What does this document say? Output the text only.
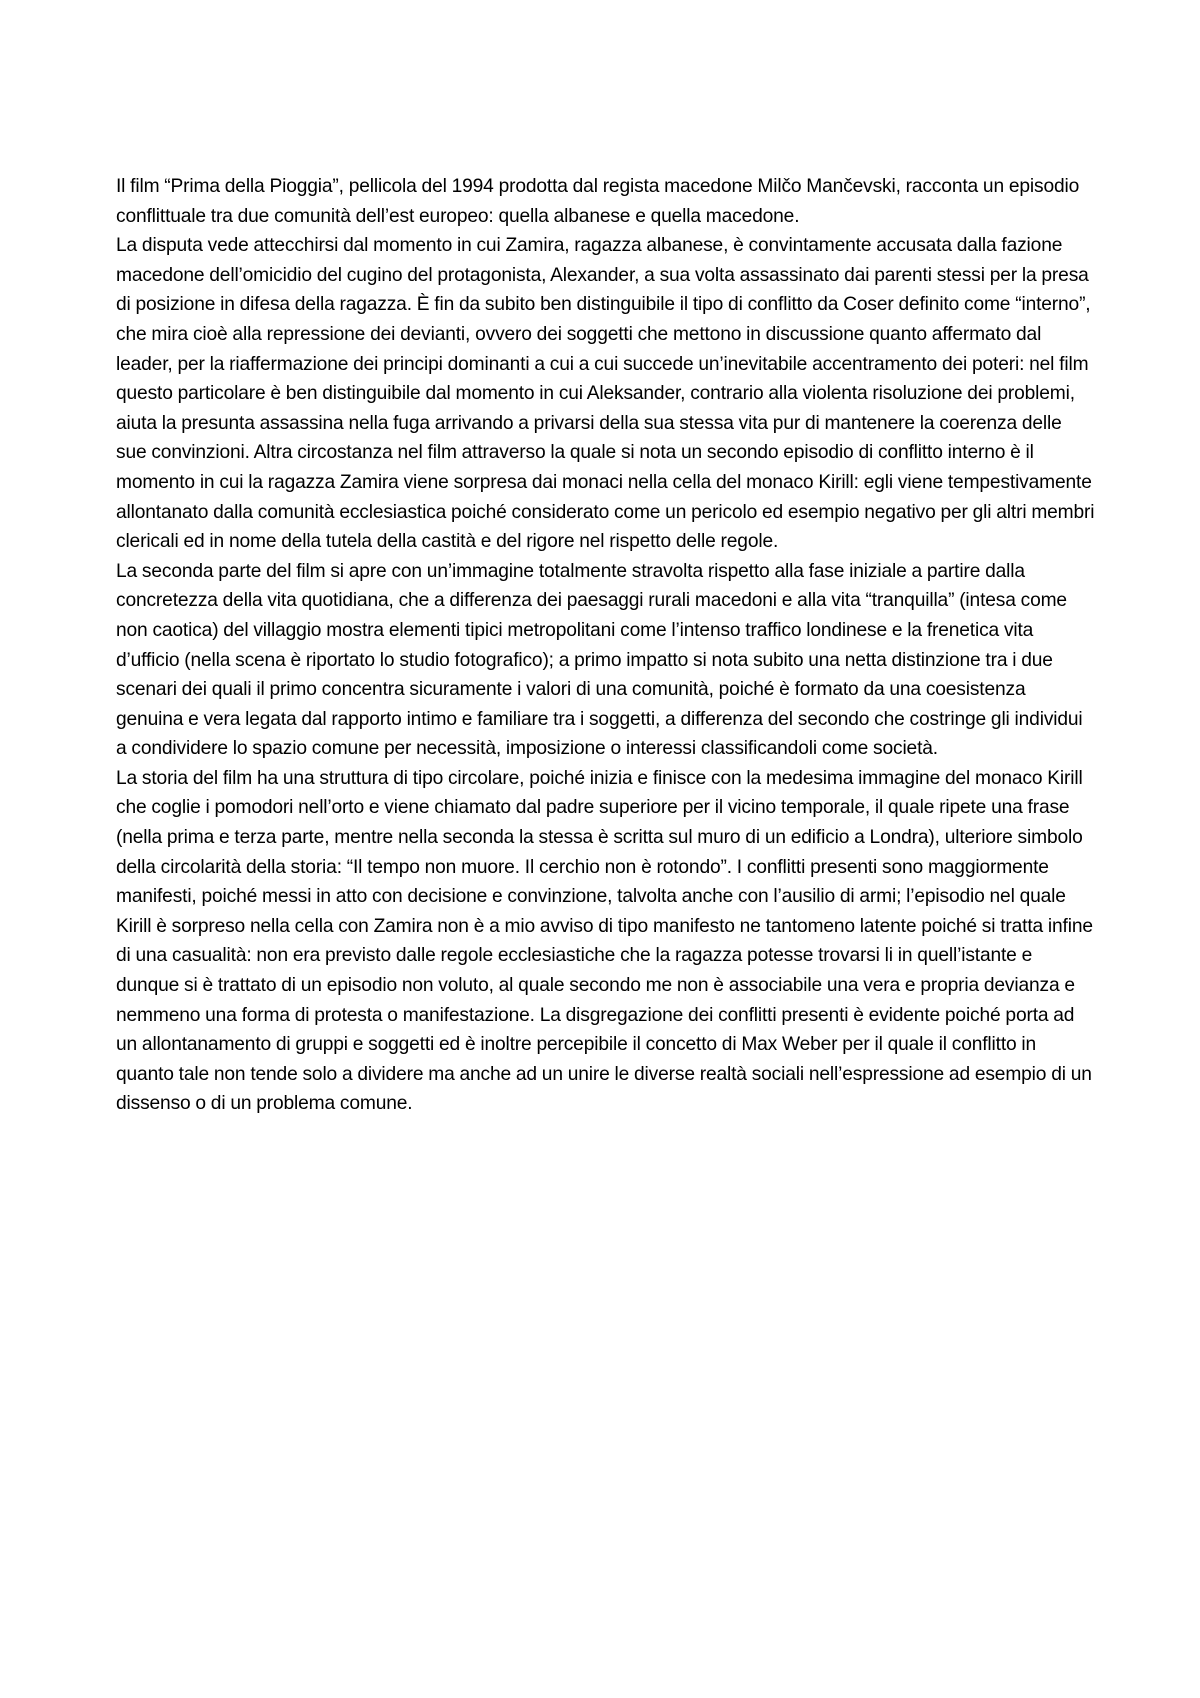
Il film “Prima della Pioggia”, pellicola del 1994 prodotta dal regista macedone Milčo Mančevski, racconta un episodio conflittuale tra due comunità dell’est europeo: quella albanese e quella macedone.

La disputa vede attecchirsi dal momento in cui Zamira, ragazza albanese, è convintamente accusata dalla fazione macedone dell’omicidio del cugino del protagonista, Alexander, a sua volta assassinato dai parenti stessi per la presa di posizione in difesa della ragazza. È fin da subito ben distinguibile il tipo di conflitto da Coser definito come “interno”, che mira cioè alla repressione dei devianti, ovvero dei soggetti che mettono in discussione quanto affermato dal leader, per la riaffermazione dei principi dominanti a cui a cui succede un’inevitabile accentramento dei poteri: nel film questo particolare è ben distinguibile dal momento in cui Aleksander, contrario alla violenta risoluzione dei problemi, aiuta la presunta assassina nella fuga arrivando a privarsi della sua stessa vita pur di mantenere la coerenza delle sue convinzioni. Altra circostanza nel film attraverso la quale si nota un secondo episodio di conflitto interno è il momento in cui la ragazza Zamira viene sorpresa dai monaci nella cella del monaco Kirill: egli viene tempestivamente allontanato dalla comunità ecclesiastica poiché considerato come un pericolo ed esempio negativo per gli altri membri clericali ed in nome della tutela della castità e del rigore nel rispetto delle regole.

La seconda parte del film si apre con un’immagine totalmente stravolta rispetto alla fase iniziale a partire dalla concretezza della vita quotidiana, che a differenza dei paesaggi rurali macedoni e alla vita “tranquilla” (intesa come non caotica) del villaggio mostra elementi tipici metropolitani come l’intenso traffico londinese e la frenetica vita d’ufficio (nella scena è riportato lo studio fotografico); a primo impatto si nota subito una netta distinzione tra i due scenari dei quali il primo concentra sicuramente i valori di una comunità, poiché è formato da una coesistenza genuina e vera legata dal rapporto intimo e familiare tra i soggetti, a differenza del secondo che costringe gli individui a condividere lo spazio comune per necessità, imposizione o interessi classificandoli come società.

La storia del film ha una struttura di tipo circolare, poiché inizia e finisce con la medesima immagine del monaco Kirill che coglie i pomodori nell’orto e viene chiamato dal padre superiore per il vicino temporale, il quale ripete una frase (nella prima e terza parte, mentre nella seconda la stessa è scritta sul muro di un edificio a Londra), ulteriore simbolo della circolarità della storia: “Il tempo non muore. Il cerchio non è rotondo”. I conflitti presenti sono maggiormente manifesti, poiché messi in atto con decisione e convinzione, talvolta anche con l’ausilio di armi; l’episodio nel quale Kirill è sorpreso nella cella con Zamira non è a mio avviso di tipo manifesto ne tantomeno latente poiché si tratta infine di una casualità: non era previsto dalle regole ecclesiastiche che la ragazza potesse trovarsi li in quell’istante e dunque si è trattato di un episodio non voluto, al quale secondo me non è associabile una vera e propria devianza e nemmeno una forma di protesta o manifestazione. La disgregazione dei conflitti presenti è evidente poiché porta ad un allontanamento di gruppi e soggetti ed è inoltre percepibile il concetto di Max Weber per il quale il conflitto in quanto tale non tende solo a dividere ma anche ad un unire le diverse realtà sociali nell’espressione ad esempio di un dissenso o di un problema comune.
